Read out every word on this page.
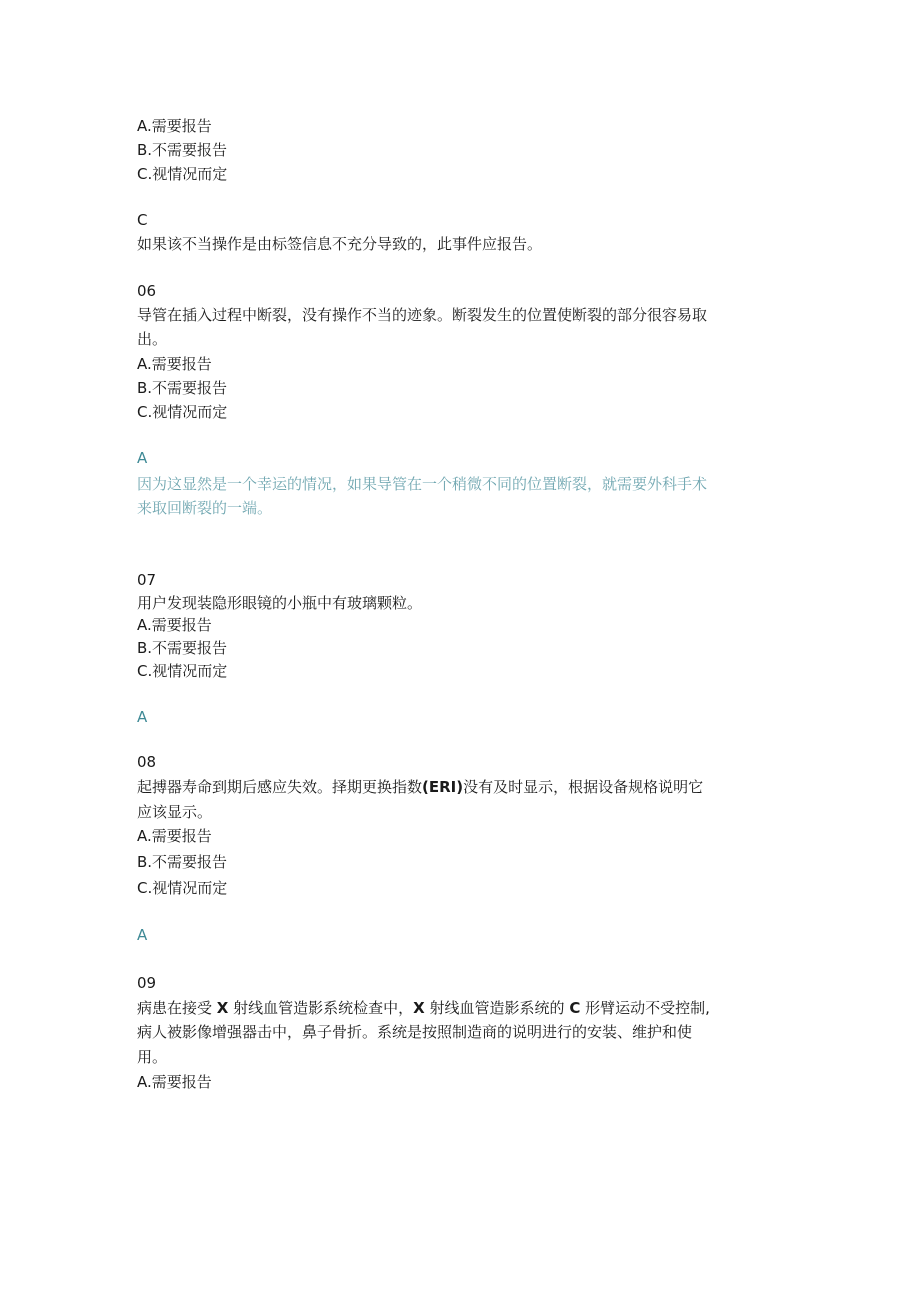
A.需要报告
B.不需要报告
C.视情况而定
C
如果该不当操作是由标签信息不充分导致的，此事件应报告。
06
导管在插入过程中断裂，没有操作不当的迹象。断裂发生的位置使断裂的部分很容易取
出。
A.需要报告
B.不需要报告
C.视情况而定
A
因为这显然是一个幸运的情况，如果导管在一个稍微不同的位置断裂，就需要外科手术
来取回断裂的一端。
07
用户发现装隐形眼镜的小瓶中有玻璃颗粒。
A.需要报告
B.不需要报告
C.视情况而定
A
08
起搏器寿命到期后感应失效。择期更换指数(ERI)没有及时显示，根据设备规格说明它
应该显示。
A.需要报告
B.不需要报告
C.视情况而定
A
09
病患在接受 X 射线血管造影系统检查中，X 射线血管造影系统的 C 形臂运动不受控制,
病人被影像增强器击中，鼻子骨折。系统是按照制造商的说明进行的安装、维护和使
用。
A.需要报告
